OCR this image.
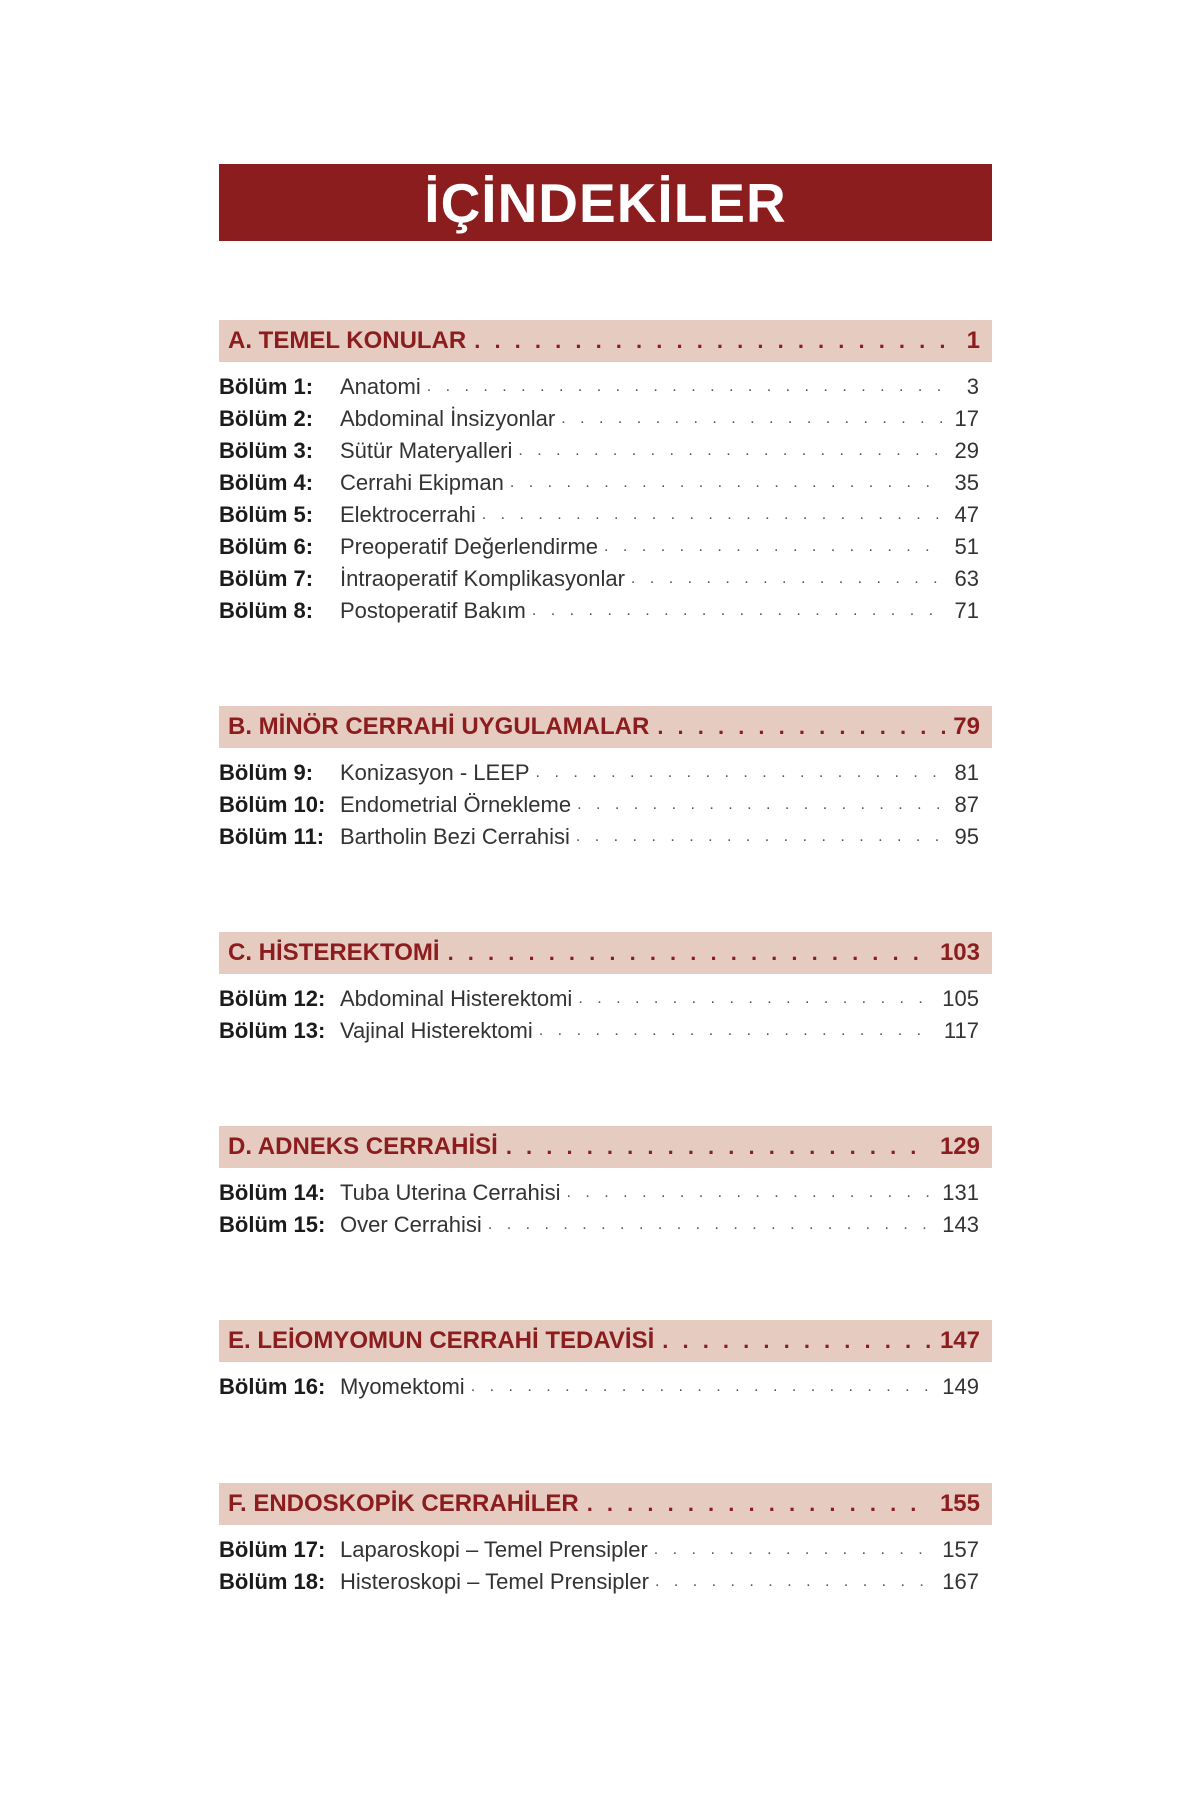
İÇİNDEKİLER
A. TEMEL KONULAR . . .	1
Bölüm 1:	Anatomi . . .	3
Bölüm 2:	Abdominal İnsizyonlar . . .	17
Bölüm 3:	Sütür Materyalleri . . .	29
Bölüm 4:	Cerrahi Ekipman . . .	35
Bölüm 5:	Elektrocerrahi . . .	47
Bölüm 6:	Preoperatif Değerlendirme . . .	51
Bölüm 7:	İntraoperatif Komplikasyonlar . . .	63
Bölüm 8:	Postoperatif Bakım . . .	71
B. MİNÖR CERRAHİ UYGULAMALAR . . .	79
Bölüm 9:	Konizasyon - LEEP . . .	81
Bölüm 10: Endometrial Örnekleme . . .	87
Bölüm 11: Bartholin Bezi Cerrahisi . . .	95
C. HİSTEREKTOMİ . . .	103
Bölüm 12: Abdominal Histerektomi . . .	105
Bölüm 13: Vajinal Histerektomi . . .	117
D. ADNEKS CERRAHİSİ . . .	129
Bölüm 14: Tuba Uterina Cerrahisi . . .	131
Bölüm 15: Over Cerrahisi . . .	143
E. LEİOMYOMUN CERRAHİ TEDAVİSİ . . .	147
Bölüm 16: Myomektomi . . .	149
F. ENDOSKOPİK CERRAHİLER . . .	155
Bölüm 17: Laparoskopi – Temel Prensipler . . .	157
Bölüm 18: Histeroskopi – Temel Prensipler . . .	167
